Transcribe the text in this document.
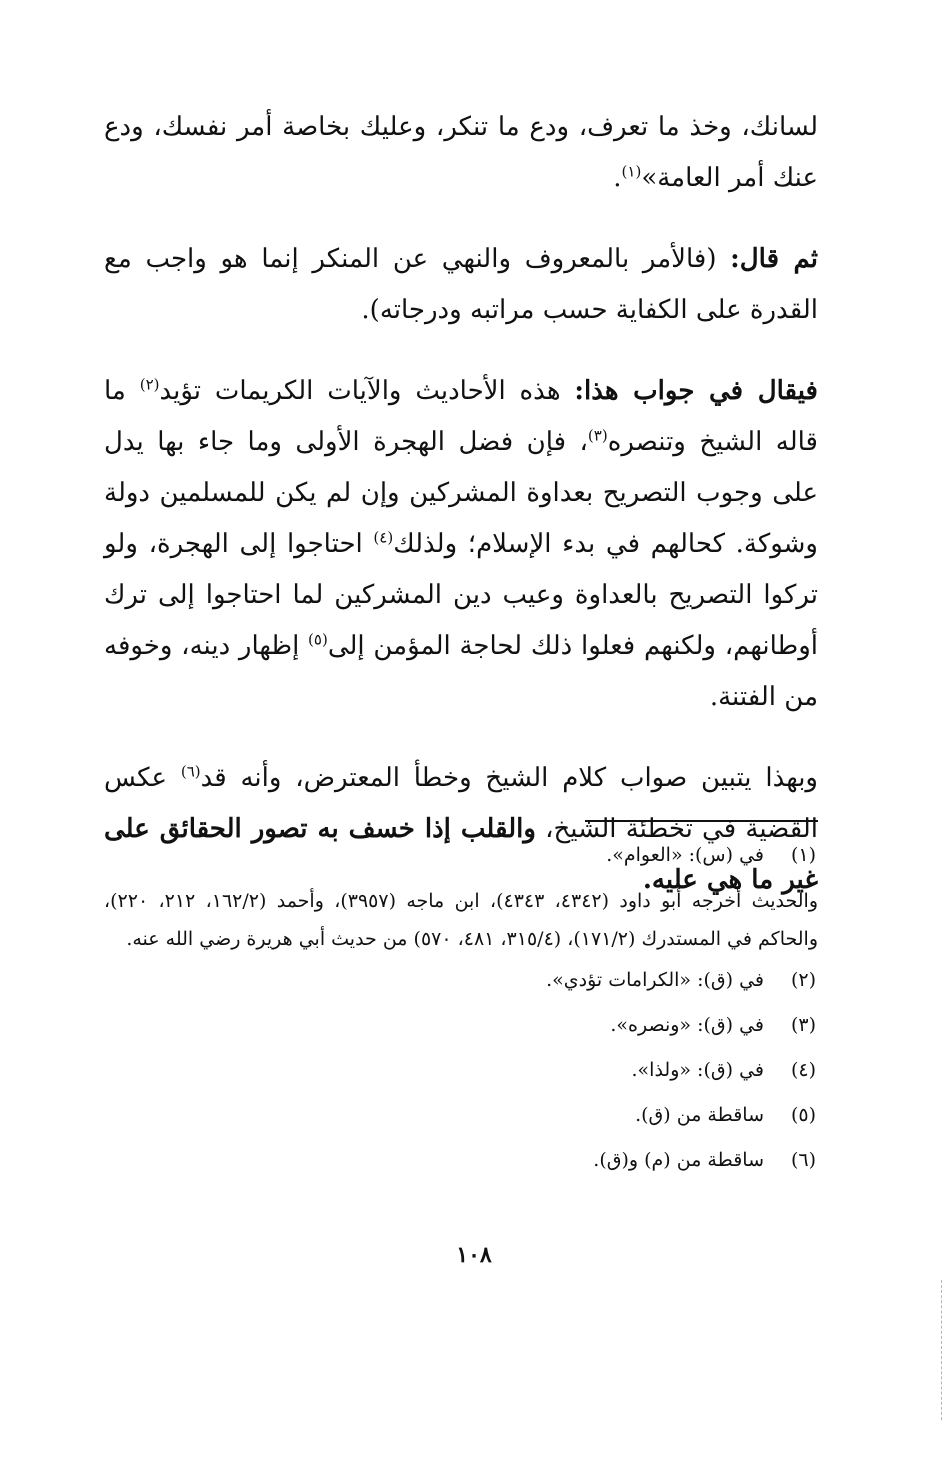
لسانك، وخذ ما تعرف، ودع ما تنكر، وعليك بخاصة أمر نفسك، ودع عنك أمر العامة»$^{(١)}$.

ثم قال: (فالأمر بالمعروف والنهي عن المنكر إنما هو واجب مع القدرة على الكفاية حسب مراتبه ودرجاته).

فيقال في جواب هذا: هذه الأحاديث والآيات الكريمات تؤيد$^{(٢)}$ ما قاله الشيخ وتنصره$^{(٣)}$، فإن فضل الهجرة الأولى وما جاء بها يدل على وجوب التصريح بعداوة المشركين وإن لم يكن للمسلمين دولة وشوكة. كحالهم في بدء الإسلام؛ ولذلك$^{(٤)}$ احتاجوا إلى الهجرة، ولو تركوا التصريح بالعداوة وعيب دين المشركين لما احتاجوا إلى ترك أوطانهم، ولكنهم فعلوا ذلك لحاجة المؤمن إلى$^{(٥)}$ إظهار دينه، وخوفه من الفتنة.

وبهذا يتبين صواب كلام الشيخ وخطأ المعترض، وأنه قد$^{(٦)}$ عكس القضية في تخطئة الشيخ، والقلب إذا خسف به تصور الحقائق على غير ما هي عليه.

(١)
في (س): «العوام».
والحديث أخرجه أبو داود (٤٣٤٢، ٤٣٤٣)، ابن ماجه (٣٩٥٧)، وأحمد (١٦٢/٢، ٢١٢، ٢٢٠)، والحاكم في المستدرك (١٧١/٢)، (٣١٥/٤، ٤٨١، ٥٧٠) من حديث أبي هريرة رضي الله عنه.
(٢)
في (ق): «الكرامات تؤدي».
(٣)
في (ق): «ونصره».
(٤)
في (ق): «ولذا».
(٥)
ساقطة من (ق).
(٦)
ساقطة من (م) و(ق).
١٠٨
